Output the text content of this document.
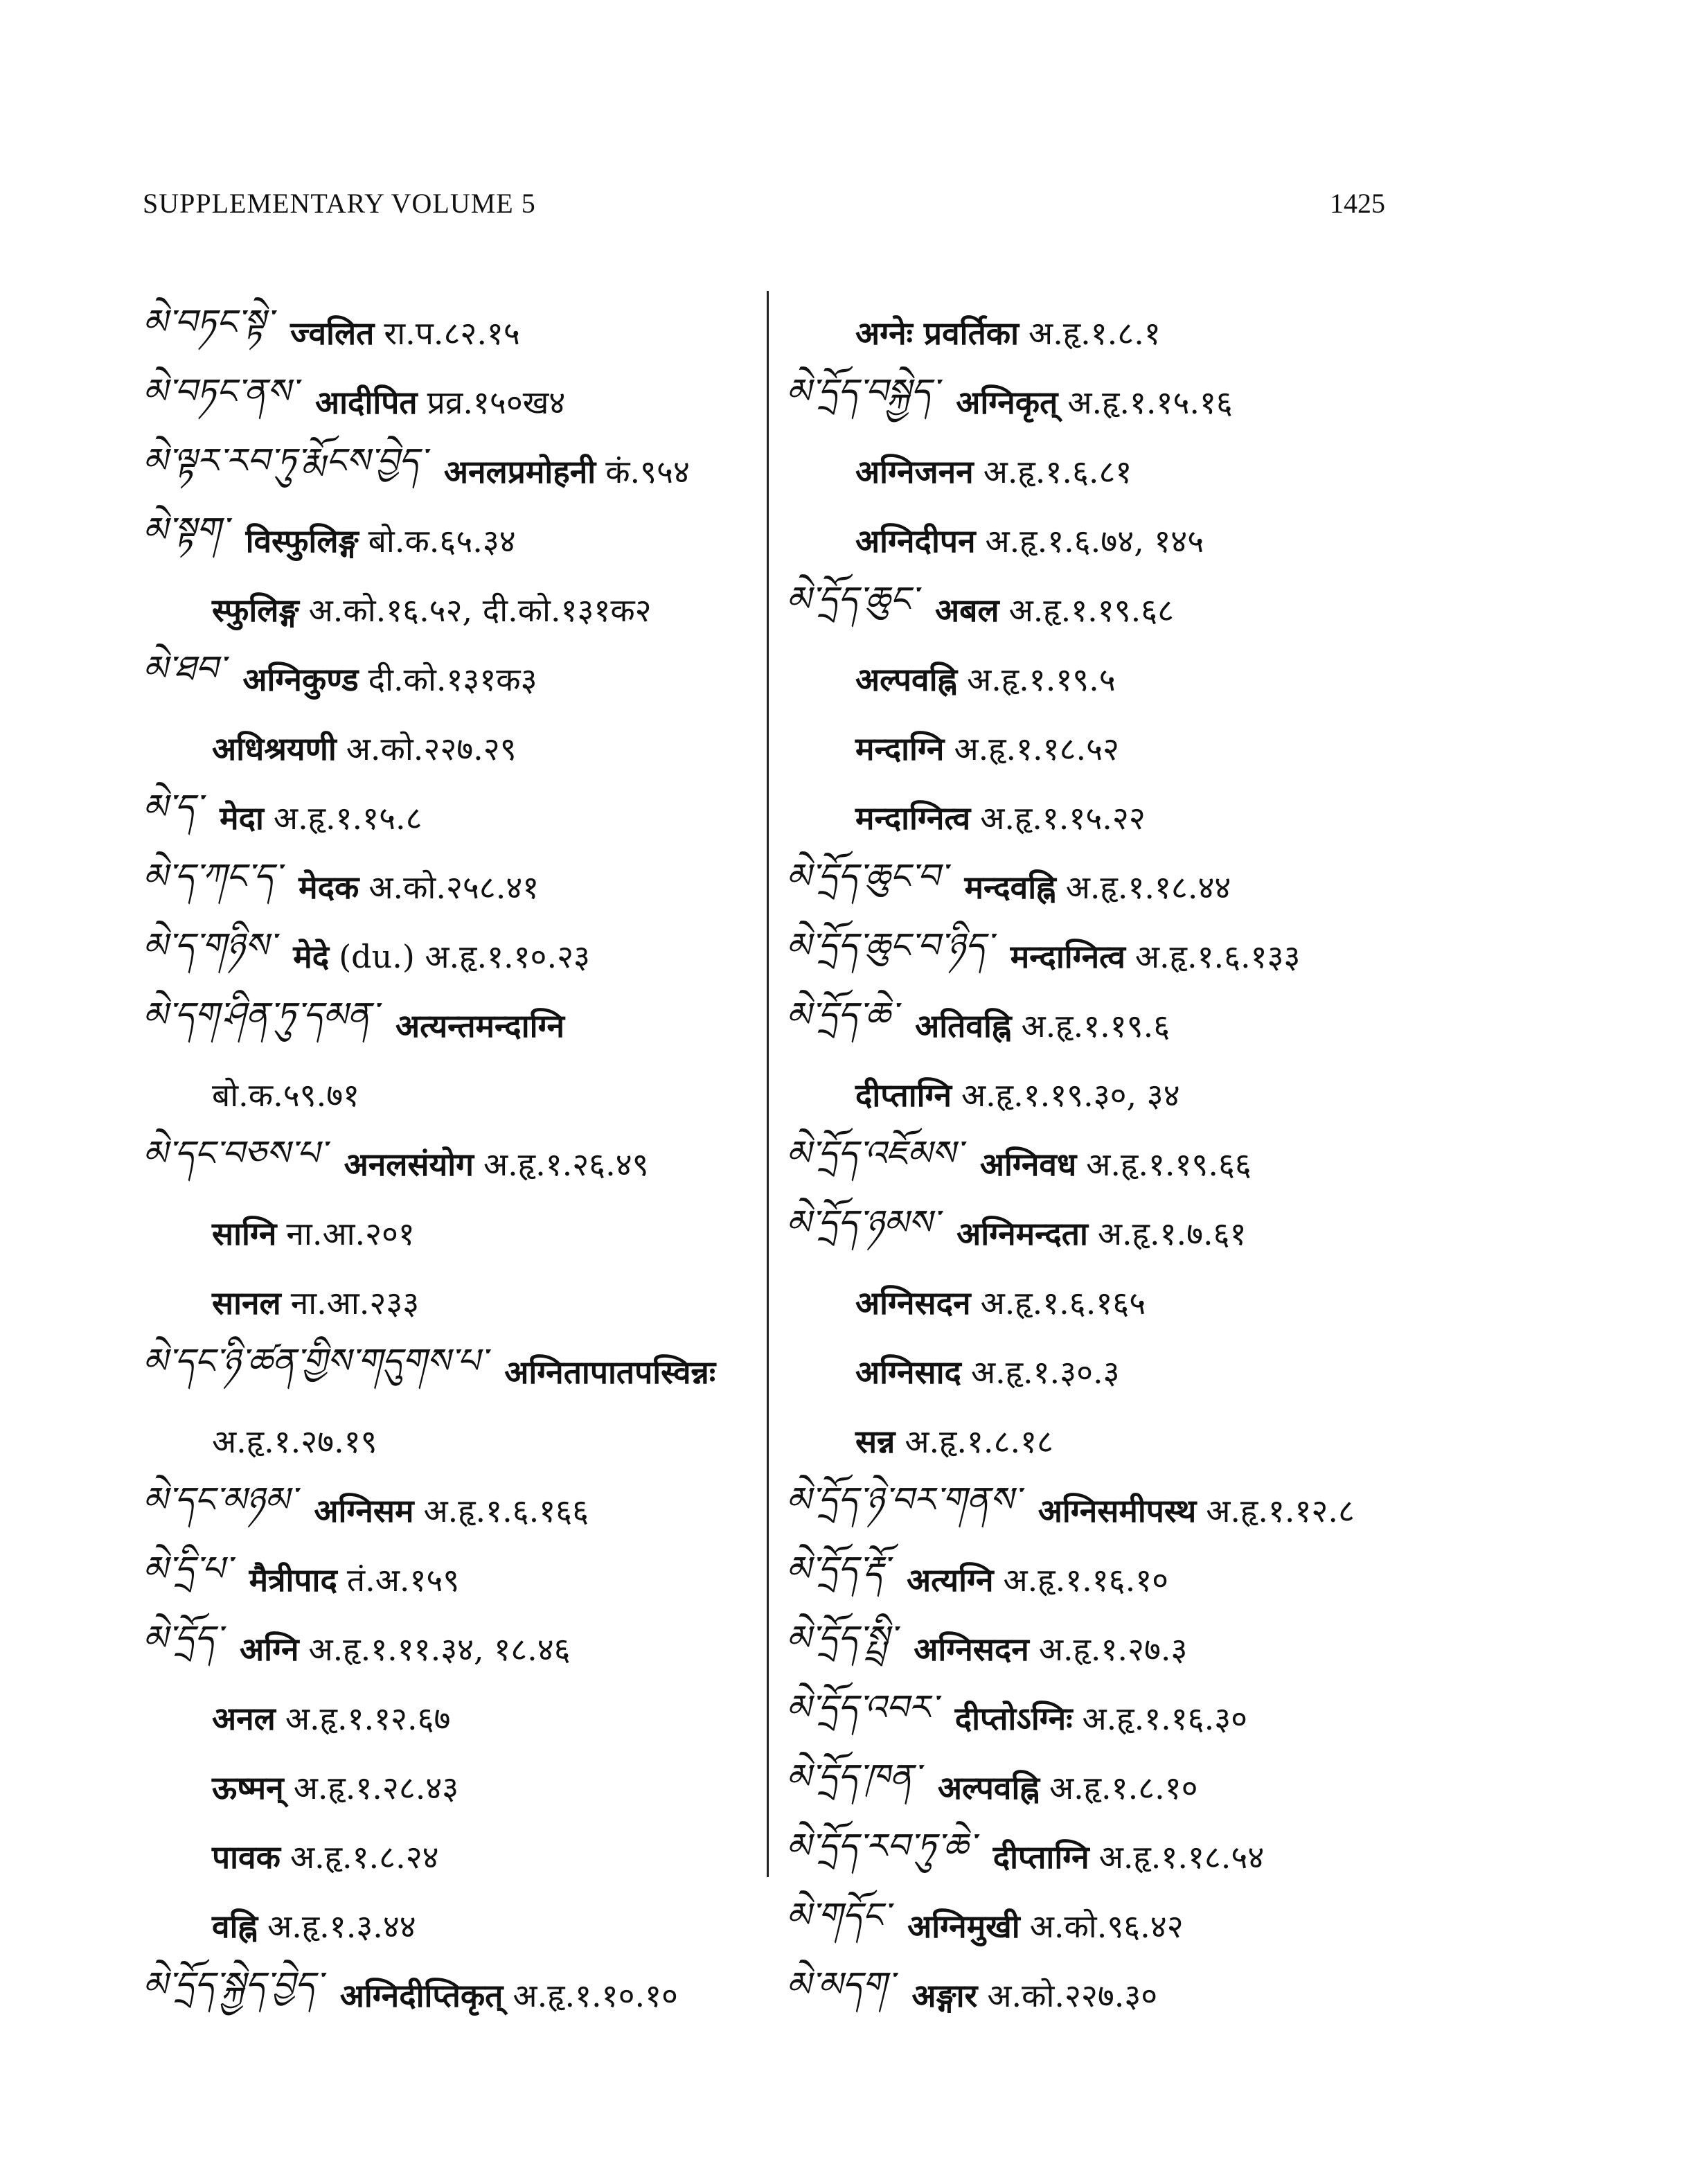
SUPPLEMENTARY VOLUME 5	1425
མེ་བཏང་སྟེ་ ज्वलित रा.प.८२.१५
མེ་བཏང་ནས་ आदीपित प्रव्र.१५०ख४
མེ་ལྟར་རབ་ཏུ་རྨོངས་བྱེད་ अनलप्रमोहनी कं.९५४
མེ་སྟག་ विस्फुलिङ्ग बो.क.६५.३४
स्फुलिङ्ग अ.को.१६.५२, दी.को.१३१क२
མེ་ཐབ་ अग्निकुण्ड दी.को.१३१क३
अधिश्रयणी अ.को.२२७.२९
མེ་ད་ मेदा अ.हृ.१.१५.८
མེ་ད་ཀང་ད་ मेदक अ.को.२५८.४१
མེ་ད་གཉིས་ मेदे (du.) अ.हृ.१.१०.२३
མེ་དག་ཤིན་ཏུ་དམན་ अत्यन्तमन्दाग्नि
बो.क.५९.७१
མེ་དང་བཅས་པ་ अनलसंयोग अ.हृ.१.२६.४९
साग्नि ना.आ.२०१
सानल ना.आ.२३३
མེ་དང་ཉི་ཚན་གྱིས་གདུགས་པ་ अग्नितापातपस्विन्नः
अ.हृ.१.२७.१९
མེ་དང་མཉམ་ अग्निसम अ.हृ.१.६.१६६
མེ་དྲི་པ་ मैत्रीपाद तं.अ.१५९
མེ་དྲོད་ अग्नि अ.हृ.१.११.३४, १८.४६
अनल अ.हृ.१.१२.६७
ऊष्मन् अ.हृ.१.२८.४३
पावक अ.हृ.१.८.२४
वह्नि अ.हृ.१.३.४४
མེ་དྲོད་སྐྱེད་བྱེད་ अग्निदीप्तिकृत् अ.हृ.१.१०.१०
अग्नेः प्रवर्तिका अ.हृ.१.८.१
མེ་དྲོད་བསྐྱེད་ अग्निकृत् अ.हृ.१.१५.१६
अग्निजनन अ.हृ.१.६.८१
अग्निदीपन अ.हृ.१.६.७४, १४५
མེ་དྲོད་ཆུང་ अबल अ.हृ.१.१९.६८
अल्पवह्नि अ.हृ.१.१९.५
मन्दाग्नि अ.हृ.१.१८.५२
मन्दाग्नित्व अ.हृ.१.१५.२२
མེ་དྲོད་ཆུང་བ་ मन्दवह्नि अ.हृ.१.१८.४४
མེ་དྲོད་ཆུང་བ་ཉིད་ मन्दाग्नित्व अ.हृ.१.६.१३३
མེ་དྲོད་ཆེ་ अतिवह्नि अ.हृ.१.१९.६
दीप्ताग्नि अ.हृ.१.१९.३०, ३४
མེ་དྲོད་འཇོམས་ अग्निवध अ.हृ.१.१९.६६
མེ་དྲོད་ཉམས་ अग्निमन्दता अ.हृ.१.७.६१
अग्निसदन अ.हृ.१.६.१६५
अग्निसाद अ.हृ.१.३०.३
सन्न अ.हृ.१.८.१८
མེ་དྲོད་ཉེ་བར་གནས་ अग्निसमीपस्थ अ.हृ.१.१२.८
མེ་དྲོད་རྡོ་ अत्यग्नि अ.हृ.१.१६.१०
མེ་དྲོད་སྤྲི་ अग्निसदन अ.हृ.१.२७.३
མེ་དྲོད་འབར་ दीप्तोऽग्निः अ.हृ.१.१६.३०
མེ་དྲོད་ཁན་ अल्पवह्नि अ.हृ.१.८.१०
མེ་དྲོད་རབ་ཏུ་ཆེ་ दीप्ताग्नि अ.हृ.१.१८.५४
མེ་གདོང་ अग्निमुखी अ.को.९६.४२
མེ་མདག་ अङ्गार अ.को.२२७.३०
